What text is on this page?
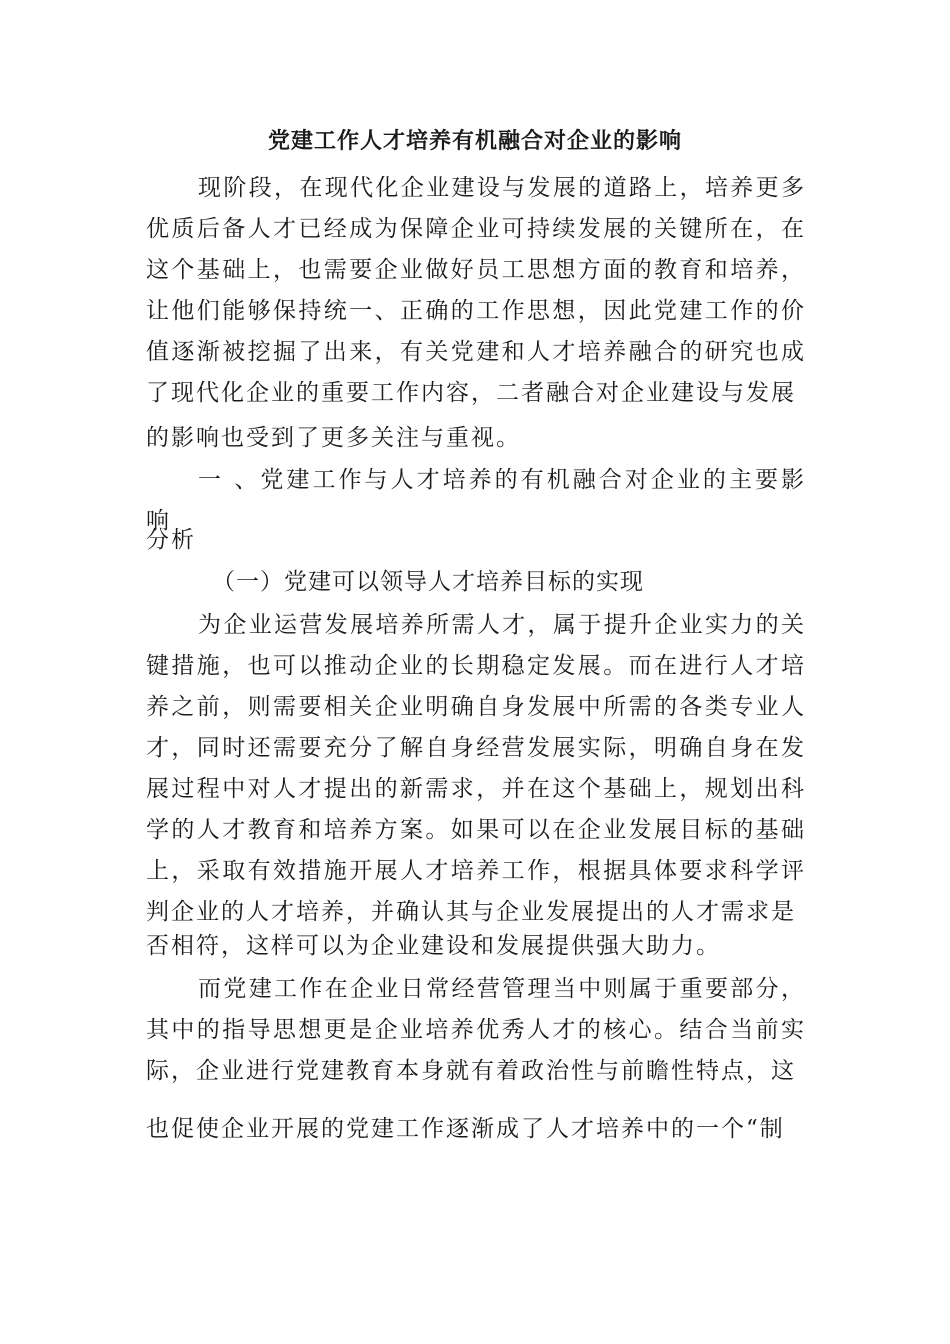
党建工作人才培养有机融合对企业的影响

现阶段，在现代化企业建设与发展的道路上，培养更多优质后备人才已经成为保障企业可持续发展的关键所在，在这个基础上，也需要企业做好员工思想方面的教育和培养，让他们能够保持统一、正确的工作思想，因此党建工作的价值逐渐被挖掘了出来，有关党建和人才培养融合的研究也成了现代化企业的重要工作内容，二者融合对企业建设与发展

的影响也受到了更多关注与重视。

一 、党建工作与人才培养的有机融合对企业的主要影响

分析

（一）党建可以领导人才培养目标的实现

为企业运营发展培养所需人才，属于提升企业实力的关键措施，也可以推动企业的长期稳定发展。而在进行人才培养之前，则需要相关企业明确自身发展中所需的各类专业人才，同时还需要充分了解自身经营发展实际，明确自身在发展过程中对人才提出的新需求，并在这个基础上，规划出科学的人才教育和培养方案。如果可以在企业发展目标的基础上，采取有效措施开展人才培养工作，根据具体要求科学评判企业的人才培养，并确认其与企业发展提出的人才需求是

否相符，这样可以为企业建设和发展提供强大助力。

而党建工作在企业日常经营管理当中则属于重要部分，其中的指导思想更是企业培养优秀人才的核心。结合当前实际，企业进行党建教育本身就有着政治性与前瞻性特点，这

也促使企业开展的党建工作逐渐成了人才培养中的一个“制
